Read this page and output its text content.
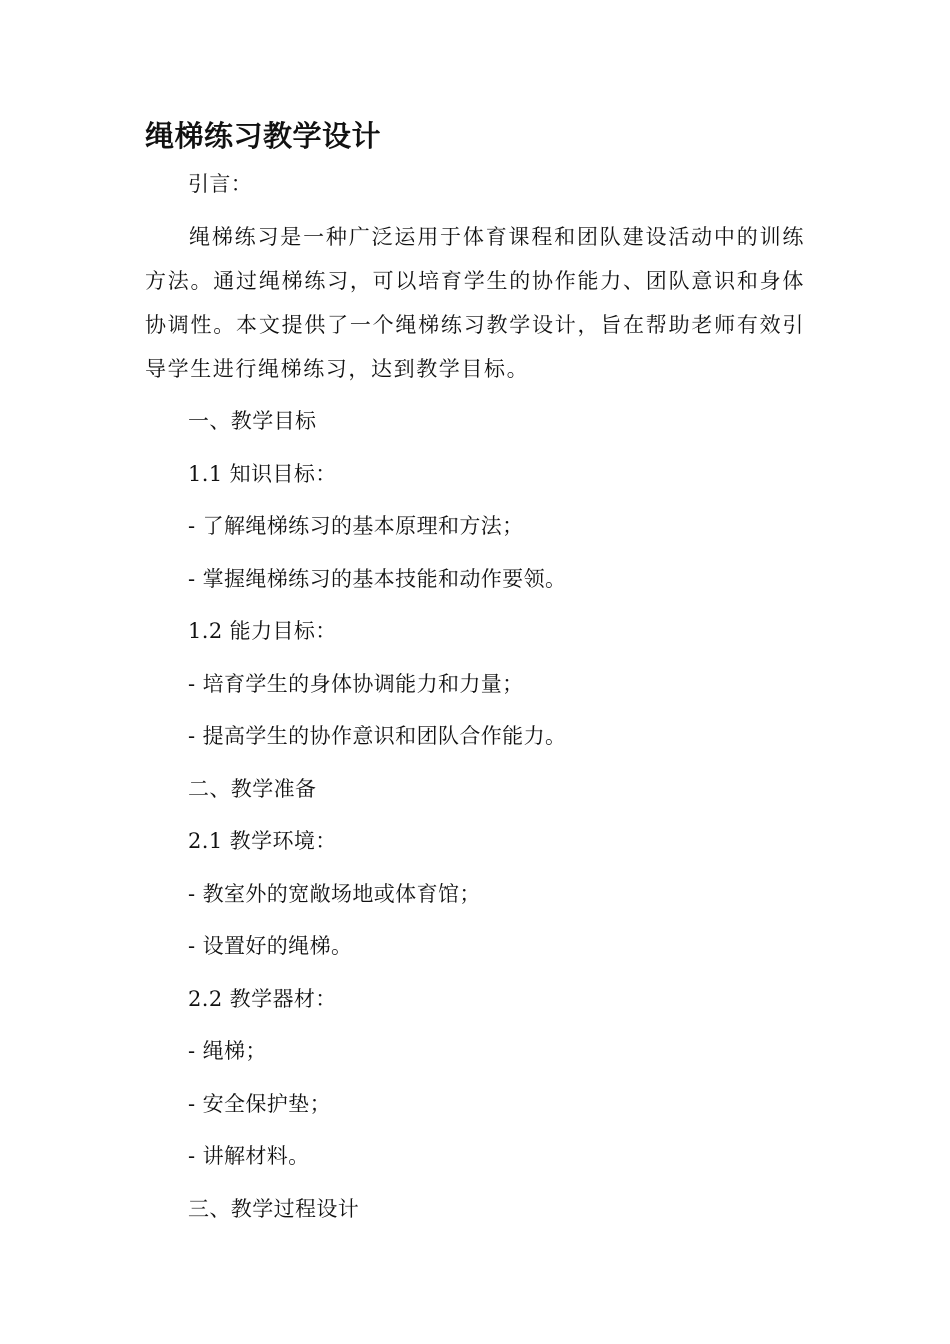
绳梯练习教学设计

引言：

绳梯练习是一种广泛运用于体育课程和团队建设活动中的训练方法。通过绳梯练习，可以培育学生的协作能力、团队意识和身体协调性。本文提供了一个绳梯练习教学设计，旨在帮助老师有效引导学生进行绳梯练习，达到教学目标。

一、教学目标

1.1 知识目标：

- 了解绳梯练习的基本原理和方法；

- 掌握绳梯练习的基本技能和动作要领。

1.2 能力目标：

- 培育学生的身体协调能力和力量；

- 提高学生的协作意识和团队合作能力。

二、教学准备

2.1 教学环境：

- 教室外的宽敞场地或体育馆；

- 设置好的绳梯。

2.2 教学器材：

- 绳梯；

- 安全保护垫；

- 讲解材料。

三、教学过程设计
